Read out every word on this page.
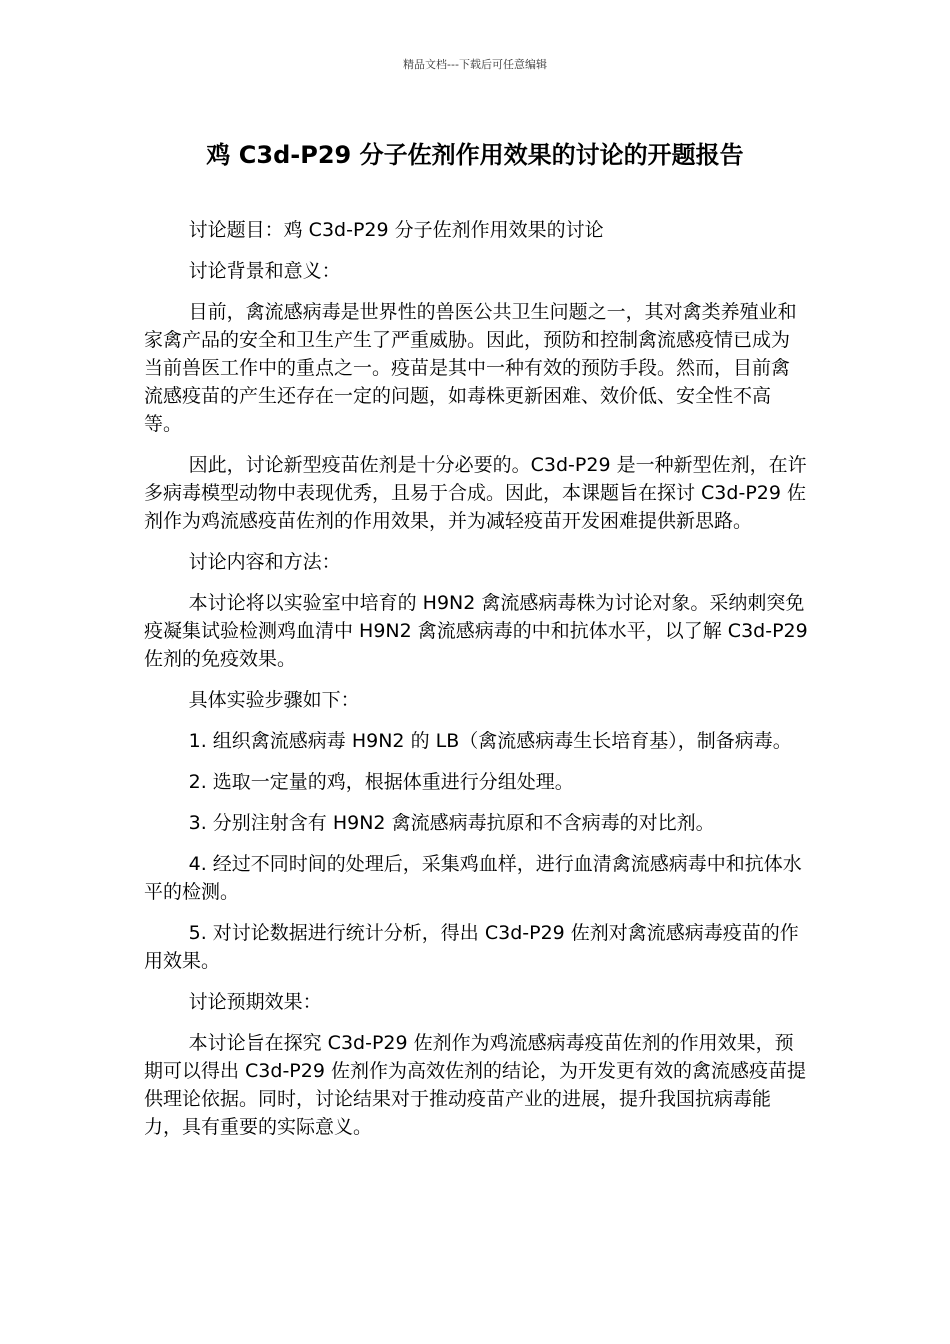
精品文档---下载后可任意编辑
鸡 C3d-P29 分子佐剂作用效果的讨论的开题报告

讨论题目：鸡 C3d-P29 分子佐剂作用效果的讨论

讨论背景和意义：

目前，禽流感病毒是世界性的兽医公共卫生问题之一，其对禽类养殖业和家禽产品的安全和卫生产生了严重威胁。因此，预防和控制禽流感疫情已成为当前兽医工作中的重点之一。疫苗是其中一种有效的预防手段。然而，目前禽流感疫苗的产生还存在一定的问题，如毒株更新困难、效价低、安全性不高等。

因此，讨论新型疫苗佐剂是十分必要的。C3d-P29 是一种新型佐剂，在许多病毒模型动物中表现优秀，且易于合成。因此，本课题旨在探讨 C3d-P29 佐剂作为鸡流感疫苗佐剂的作用效果，并为减轻疫苗开发困难提供新思路。

讨论内容和方法：

本讨论将以实验室中培育的 H9N2 禽流感病毒株为讨论对象。采纳刺突免疫凝集试验检测鸡血清中 H9N2 禽流感病毒的中和抗体水平，以了解 C3d-P29 佐剂的免疫效果。

具体实验步骤如下：

1. 组织禽流感病毒 H9N2 的 LB（禽流感病毒生长培育基），制备病毒。

2. 选取一定量的鸡，根据体重进行分组处理。

3. 分别注射含有 H9N2 禽流感病毒抗原和不含病毒的对比剂。

4. 经过不同时间的处理后，采集鸡血样，进行血清禽流感病毒中和抗体水平的检测。

5. 对讨论数据进行统计分析，得出 C3d-P29 佐剂对禽流感病毒疫苗的作用效果。

讨论预期效果：

本讨论旨在探究 C3d-P29 佐剂作为鸡流感病毒疫苗佐剂的作用效果，预期可以得出 C3d-P29 佐剂作为高效佐剂的结论，为开发更有效的禽流感疫苗提供理论依据。同时，讨论结果对于推动疫苗产业的进展，提升我国抗病毒能力，具有重要的实际意义。
